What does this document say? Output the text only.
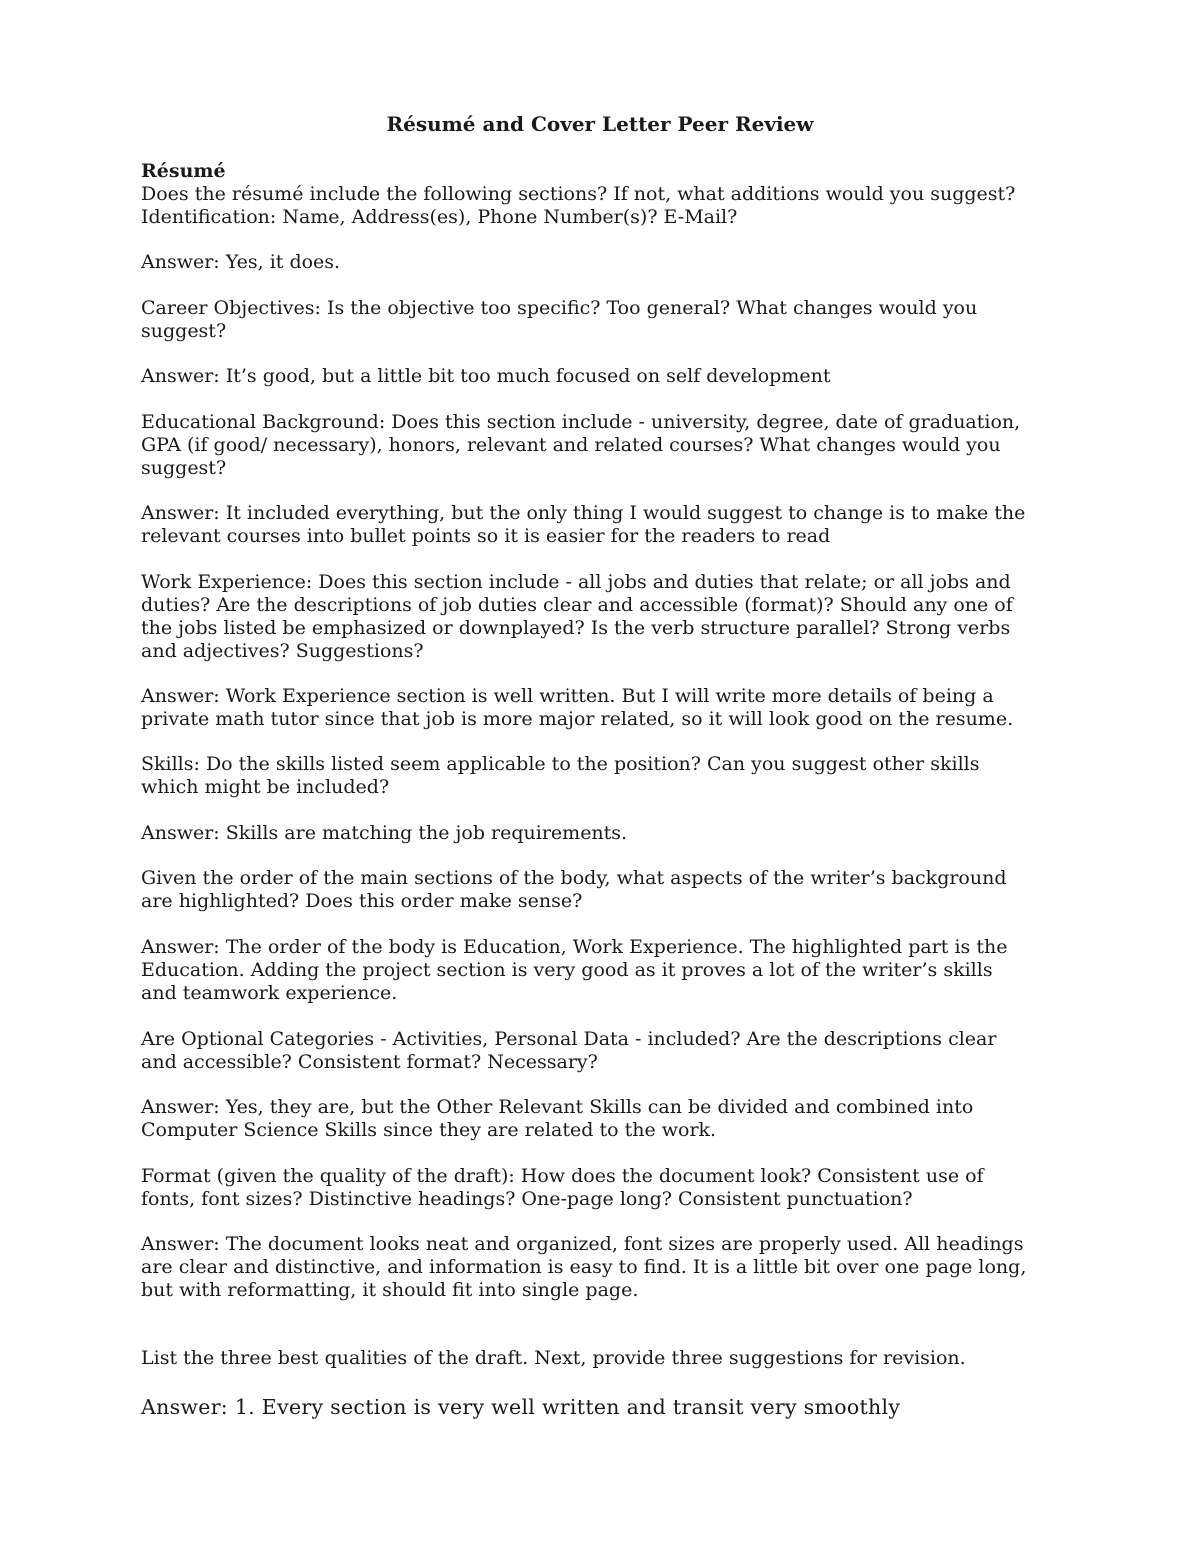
Résumé and Cover Letter Peer Review
Résumé
Does the résumé include the following sections? If not, what additions would you suggest?
Identification: Name, Address(es), Phone Number(s)? E-Mail?
Answer: Yes, it does.
Career Objectives: Is the objective too specific? Too general? What changes would you
suggest?
Answer: It’s good, but a little bit too much focused on self development
Educational Background: Does this section include - university, degree, date of graduation,
GPA (if good/ necessary), honors, relevant and related courses? What changes would you
suggest?
Answer: It included everything, but the only thing I would suggest to change is to make the
relevant courses into bullet points so it is easier for the readers to read
Work Experience: Does this section include - all jobs and duties that relate; or all jobs and
duties? Are the descriptions of job duties clear and accessible (format)? Should any one of
the jobs listed be emphasized or downplayed? Is the verb structure parallel? Strong verbs
and adjectives? Suggestions?
Answer: Work Experience section is well written. But I will write more details of being a
private math tutor since that job is more major related, so it will look good on the resume.
Skills: Do the skills listed seem applicable to the position? Can you suggest other skills
which might be included?
Answer: Skills are matching the job requirements.
Given the order of the main sections of the body, what aspects of the writer’s background
are highlighted? Does this order make sense?
Answer: The order of the body is Education, Work Experience. The highlighted part is the
Education. Adding the project section is very good as it proves a lot of the writer’s skills
and teamwork experience.
Are Optional Categories - Activities, Personal Data - included? Are the descriptions clear
and accessible? Consistent format? Necessary?
Answer: Yes, they are, but the Other Relevant Skills can be divided and combined into
Computer Science Skills since they are related to the work.
Format (given the quality of the draft): How does the document look? Consistent use of
fonts, font sizes? Distinctive headings? One-page long? Consistent punctuation?
Answer: The document looks neat and organized, font sizes are properly used. All headings
are clear and distinctive, and information is easy to find. It is a little bit over one page long,
but with reformatting, it should fit into single page.
List the three best qualities of the draft. Next, provide three suggestions for revision.
Answer: 1. Every section is very well written and transit very smoothly
